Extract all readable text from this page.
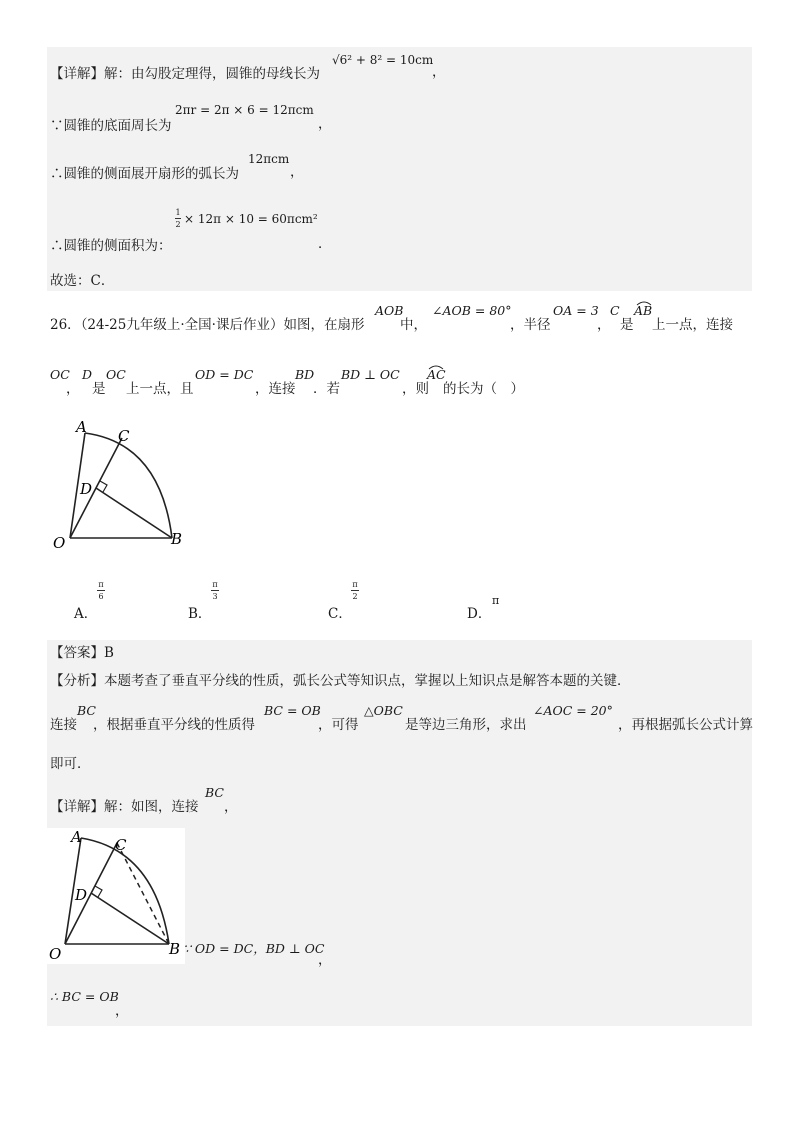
【详解】解：由勾股定理得，圆锥的母线长为
√6² + 8² = 10cm
，
∵圆锥的底面周长为
2πr = 2π × 6 = 12πcm
，
∴圆锥的侧面展开扇形的弧长为
12πcm
，
∴圆锥的侧面积为：
1
2 × 12π × 10 = 60πcm²
．
故选：C．
26．（24-25九年级上·全国·课后作业）如图，在扇形
AOB
中，
∠AOB = 80°
，半径
OA = 3
，
C
是
AB
上一点，连接
OC
，
D
是
OC
上一点，且
OD = DC
，连接
BD
．若
BD ⊥ OC
，则
AC
的长为（　）
A C
D
O	B
A．
π
6
B．
π
3
C．
π
2
D．
π
【答案】B
【分析】本题考查了垂直平分线的性质，弧长公式等知识点，掌握以上知识点是解答本题的关键．
连接
BC
，根据垂直平分线的性质得
BC = OB
，可得
△OBC
是等边三角形，求出
∠AOC = 20°
，再根据弧长公式计算
即可．
【详解】解：如图，连接
BC
，
A C
D
O	B ∵ OD = DC，BD ⊥ OC
，
∴ BC = OB
，
